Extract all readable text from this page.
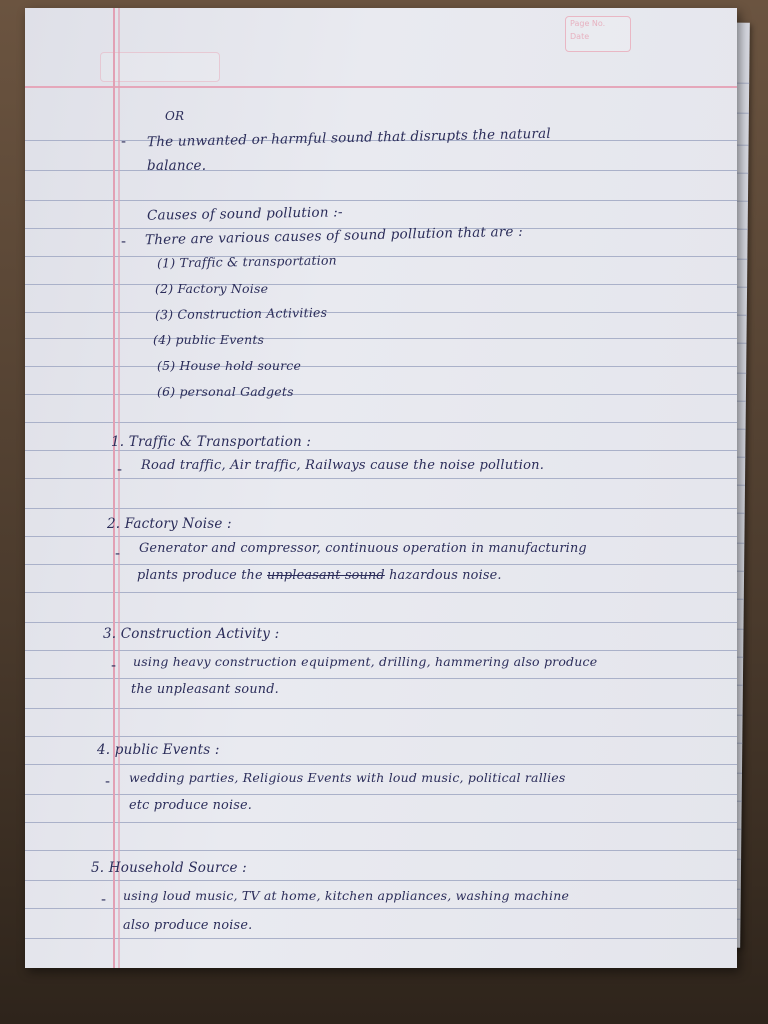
Page No.
Date
OR
- The unwanted or harmful sound that disrupts the natural
balance.
Causes of sound pollution :-
- There are various causes of sound pollution that are :
(1) Traffic & transportation
(2) Factory Noise
(3) Construction Activities
(4) public Events
(5) House hold source
(6) personal Gadgets
1. Traffic & Transportation :
- Road traffic, Air traffic, Railways cause the noise pollution.
2. Factory Noise :
- Generator and compressor, continuous operation in manufacturing
plants produce the unpleasant sound hazardous noise.
3. Construction Activity :
- using heavy construction equipment, drilling, hammering also produce
the unpleasant sound.
4. public Events :
- wedding parties, Religious Events with loud music, political rallies
etc produce noise.
5. Household Source :
- using loud music, TV at home, kitchen appliances, washing machine
also produce noise.
